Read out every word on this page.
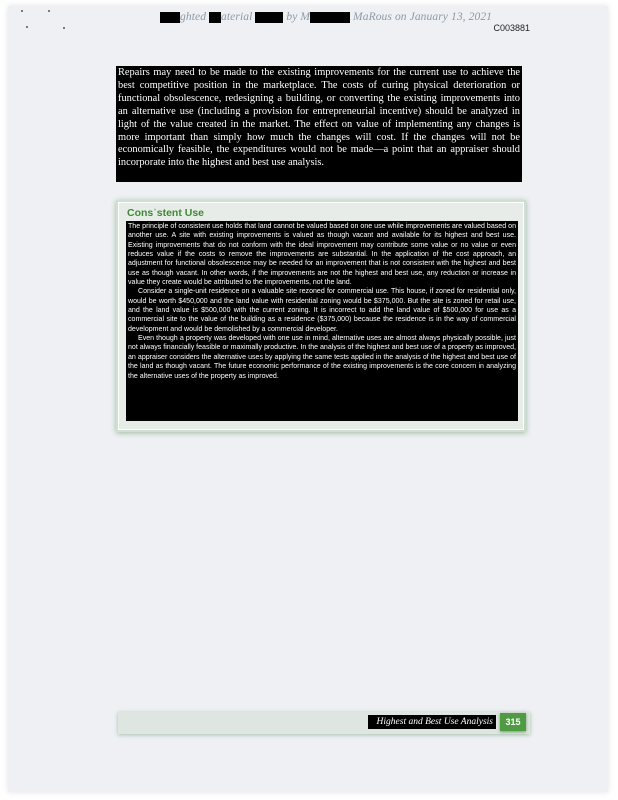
ghted aterial  by M	MaRous on January 13, 2021
C003881

Repairs may need to be made to the existing improvements for the current use to achieve the best competitive position in the marketplace. The costs of curing physical deterioration or functional obsolescence, redesigning a building, or converting the existing improvements into an alternative use (including a provision for entrepreneurial incentive) should be analyzed in light of the value created in the market. The effect on value of implementing any changes is more important than simply how much the changes will cost. If the changes will not be economically feasible, the expenditures would not be made—a point that an appraiser should incorporate into the highest and best use analysis.

Consˈstent Use

The principle of consistent use holds that land cannot be valued based on one use while improvements are valued based on another use. A site with existing improvements is valued as though vacant and available for its highest and best use. Existing improvements that do not conform with the ideal improvement may contribute some value or no value or even reduces value if the costs to remove the improvements are substantial. In the application of the cost approach, an adjustment for functional obsolescence may be needed for an improvement that is not consistent with the highest and best use as though vacant. In other words, if the improvements are not the highest and best use, any reduction or increase in value they create would be attributed to the improvements, not the land.

Consider a single-unit residence on a valuable site rezoned for commercial use. This house, if zoned for residential only, would be worth $450,000 and the land value with residential zoning would be $375,000. But the site is zoned for retail use, and the land value is $500,000 with the current zoning. It is incorrect to add the land value of $500,000 for use as a commercial site to the value of the building as a residence ($375,000) because the residence is in the way of commercial development and would be demolished by a commercial developer.

Even though a property was developed with one use in mind, alternative uses are almost always physically possible, just not always financially feasible or maximally productive. In the analysis of the highest and best use of a property as improved, an appraiser considers the alternative uses by applying the same tests applied in the analysis of the highest and best use of the land as though vacant. The future economic performance of the existing improvements is the core concern in analyzing the alternative uses of the property as improved.

Highest and Best Use Analysis	315
